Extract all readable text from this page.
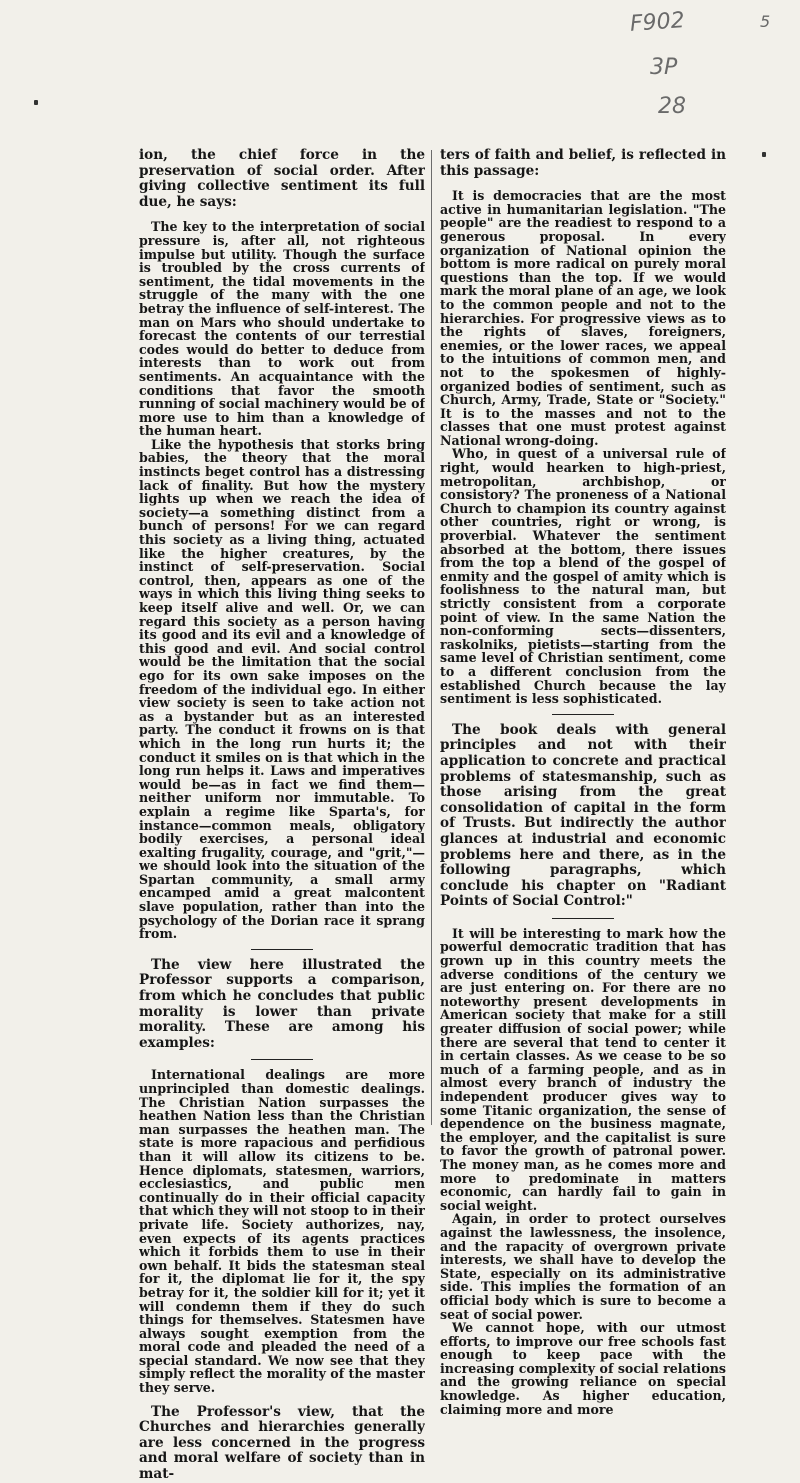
F902	5
3P
28

ion, the chief force in the preservation of social order. After giving collective sentiment its full due, he says:

The key to the interpretation of social pressure is, after all, not righteous impulse but utility. Though the surface is troubled by the cross currents of sentiment, the tidal movements in the struggle of the many with the one betray the influence of self-interest. The man on Mars who should undertake to forecast the contents of our terrestial codes would do better to deduce from interests than to work out from sentiments. An acquaintance with the conditions that favor the smooth running of social machinery would be of more use to him than a knowledge of the human heart.

Like the hypothesis that storks bring babies, the theory that the moral instincts beget control has a distressing lack of finality. But how the mystery lights up when we reach the idea of society—a something distinct from a bunch of persons! For we can regard this society as a living thing, actuated like the higher creatures, by the instinct of self-preservation. Social control, then, appears as one of the ways in which this living thing seeks to keep itself alive and well. Or, we can regard this society as a person having its good and its evil and a knowledge of this good and evil. And social control would be the limitation that the social ego for its own sake imposes on the freedom of the individual ego. In either view society is seen to take action not as a bystander but as an interested party. The conduct it frowns on is that which in the long run hurts it; the conduct it smiles on is that which in the long run helps it. Laws and imperatives would be—as in fact we find them—neither uniform nor immutable. To explain a regime like Sparta's, for instance—common meals, obligatory bodily exercises, a personal ideal exalting frugality, courage, and "grit,"—we should look into the situation of the Spartan community, a small army encamped amid a great malcontent slave population, rather than into the psychology of the Dorian race it sprang from.

The view here illustrated the Professor supports a comparison, from which he concludes that public morality is lower than private morality. These are among his examples:

International dealings are more unprincipled than domestic dealings. The Christian Nation surpasses the heathen Nation less than the Christian man surpasses the heathen man. The state is more rapacious and perfidious than it will allow its citizens to be. Hence diplomats, statesmen, warriors, ecclesiastics, and public men continually do in their official capacity that which they will not stoop to in their private life. Society authorizes, nay, even expects of its agents practices which it forbids them to use in their own behalf. It bids the statesman steal for it, the diplomat lie for it, the spy betray for it, the soldier kill for it; yet it will condemn them if they do such things for themselves. Statesmen have always sought exemption from the moral code and pleaded the need of a special standard. We now see that they simply reflect the morality of the master they serve.

The Professor's view, that the Churches and hierarchies generally are less concerned in the progress and moral welfare of society than in mat-

ters of faith and belief, is reflected in this passage:

It is democracies that are the most active in humanitarian legislation. "The people" are the readiest to respond to a generous proposal. In every organization of National opinion the bottom is more radical on purely moral questions than the top. If we would mark the moral plane of an age, we look to the common people and not to the hierarchies. For progressive views as to the rights of slaves, foreigners, enemies, or the lower races, we appeal to the intuitions of common men, and not to the spokesmen of highly-organized bodies of sentiment, such as Church, Army, Trade, State or "Society." It is to the masses and not to the classes that one must protest against National wrong-doing.

Who, in quest of a universal rule of right, would hearken to high-priest, metropolitan, archbishop, or consistory? The proneness of a National Church to champion its country against other countries, right or wrong, is proverbial. Whatever the sentiment absorbed at the bottom, there issues from the top a blend of the gospel of enmity and the gospel of amity which is foolishness to the natural man, but strictly consistent from a corporate point of view. In the same Nation the non-conforming sects—dissenters, raskolniks, pietists—starting from the same level of Christian sentiment, come to a different conclusion from the established Church because the lay sentiment is less sophisticated.

The book deals with general principles and not with their application to concrete and practical problems of statesmanship, such as those arising from the great consolidation of capital in the form of Trusts. But indirectly the author glances at industrial and economic problems here and there, as in the following paragraphs, which conclude his chapter on "Radiant Points of Social Control:"

It will be interesting to mark how the powerful democratic tradition that has grown up in this country meets the adverse conditions of the century we are just entering on. For there are no noteworthy present developments in American society that make for a still greater diffusion of social power; while there are several that tend to center it in certain classes. As we cease to be so much of a farming people, and as in almost every branch of industry the independent producer gives way to some Titanic organization, the sense of dependence on the business magnate, the employer, and the capitalist is sure to favor the growth of patronal power. The money man, as he comes more and more to predominate in matters economic, can hardly fail to gain in social weight.

Again, in order to protect ourselves against the lawlessness, the insolence, and the rapacity of overgrown private interests, we shall have to develop the State, especially on its administrative side. This implies the formation of an official body which is sure to become a seat of social power.

We cannot hope, with our utmost efforts, to improve our free schools fast enough to keep pace with the increasing complexity of social relations and the growing reliance on special knowledge. As higher education, claiming more and more
